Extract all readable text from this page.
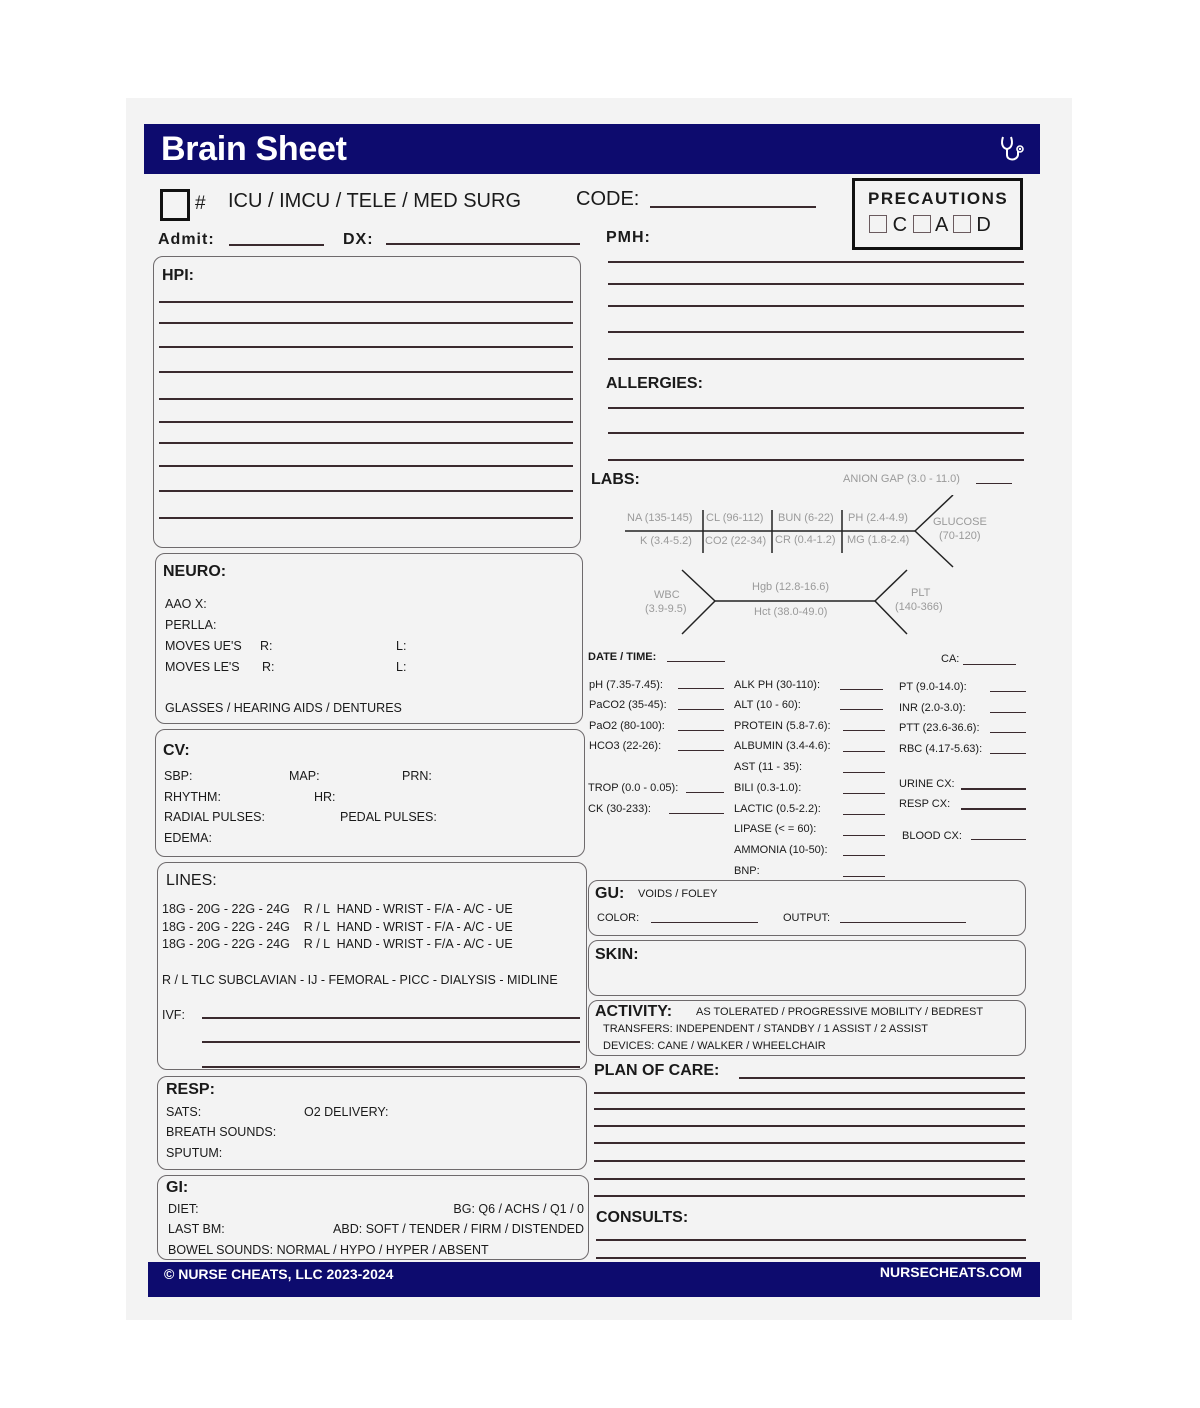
Brain Sheet
# ICU / IMCU / TELE / MED SURG	CODE:	PRECAUTIONS
C A D
Admit:	DX:	PMH:
ALLERGIES:
HPI:
NEURO:
AAO X:
PERLLA:
MOVES UE'S R:	L:
MOVES LE'S R:	L:
GLASSES / HEARING AIDS / DENTURES
CV:
SBP:	MAP:	PRN:
RHYTHM:	HR:
RADIAL PULSES:	PEDAL PULSES:
EDEMA:
LINES:
18G - 20G - 22G - 24G    R / L  HAND - WRIST - F/A - A/C - UE
18G - 20G - 22G - 24G    R / L  HAND - WRIST - F/A - A/C - UE
18G - 20G - 22G - 24G    R / L  HAND - WRIST - F/A - A/C - UE
R / L TLC SUBCLAVIAN - IJ - FEMORAL - PICC - DIALYSIS - MIDLINE
IVF:
RESP:
SATS:	O2 DELIVERY:
BREATH SOUNDS:
SPUTUM:
GI:
DIET:	BG: Q6 / ACHS / Q1 / 0
LAST BM:	ABD: SOFT / TENDER / FIRM / DISTENDED
BOWEL SOUNDS: NORMAL / HYPO / HYPER / ABSENT
LABS:	ANION GAP (3.0 - 11.0)
NA (135-145) CL (96-112) BUN (6-22) PH (2.4-4.9)
K (3.4-5.2) CO2 (22-34) CR (0.4-1.2) MG (1.8-2.4)
GLUCOSE
(70-120)
WBC
(3.9-9.5)
Hgb (12.8-16.6)
Hct (38.0-49.0)
PLT
(140-366)
DATE / TIME:	CA:
pH (7.35-7.45):
PaCO2 (35-45):
PaO2 (80-100):
HCO3 (22-26):
TROP (0.0 - 0.05):
CK (30-233):
ALK PH (30-110):
ALT (10 - 60):
PROTEIN (5.8-7.6):
ALBUMIN (3.4-4.6):
AST (11 - 35):
BILI (0.3-1.0):
LACTIC (0.5-2.2):
LIPASE (< = 60):
AMMONIA (10-50):
BNP:
PT (9.0-14.0):
INR (2.0-3.0):
PTT (23.6-36.6):
RBC (4.17-5.63):
URINE CX:
RESP CX:
BLOOD CX:
GU: VOIDS / FOLEY
COLOR:	OUTPUT:
SKIN:
ACTIVITY: AS TOLERATED / PROGRESSIVE MOBILITY / BEDREST
TRANSFERS: INDEPENDENT / STANDBY / 1 ASSIST / 2 ASSIST
DEVICES: CANE / WALKER / WHEELCHAIR
PLAN OF CARE:
CONSULTS:
© NURSE CHEATS, LLC 2023-2024	NURSECHEATS.COM
